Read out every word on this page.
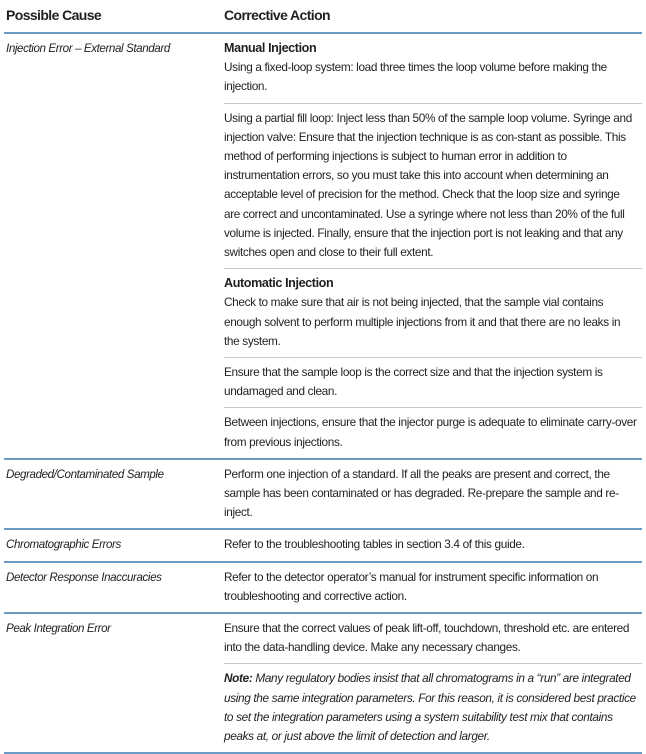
Possible Cause	Corrective Action
Injection Error – External Standard	Manual Injection
Using a fixed-loop system: load three times the loop volume before making the injection.
Using a partial fill loop: Inject less than 50% of the sample loop volume. Syringe and injection valve: Ensure that the injection technique is as con-stant as possible. This method of performing injections is subject to human error in addition to instrumentation errors, so you must take this into account when determining an acceptable level of precision for the method. Check that the loop size and syringe are correct and uncontaminated. Use a syringe where not less than 20% of the full volume is injected. Finally, ensure that the injection port is not leaking and that any switches open and close to their full extent.
Automatic Injection
Check to make sure that air is not being injected, that the sample vial contains enough solvent to perform multiple injections from it and that there are no leaks in the system.
Ensure that the sample loop is the correct size and that the injection system is undamaged and clean.
Between injections, ensure that the injector purge is adequate to eliminate carry-over from previous injections.
Degraded/Contaminated Sample	Perform one injection of a standard. If all the peaks are present and correct, the sample has been contaminated or has degraded. Re-prepare the sample and re-inject.
Chromatographic Errors	Refer to the troubleshooting tables in section 3.4 of this guide.
Detector Response Inaccuracies	Refer to the detector operator’s manual for instrument specific information on troubleshooting and corrective action.
Peak Integration Error	Ensure that the correct values of peak lift-off, touchdown, threshold etc. are entered into the data-handling device. Make any necessary changes.
Note: Many regulatory bodies insist that all chromatograms in a “run” are integrated using the same integration parameters. For this reason, it is considered best practice to set the integration parameters using a system suitability test mix that contains peaks at, or just above the limit of detection and larger.
